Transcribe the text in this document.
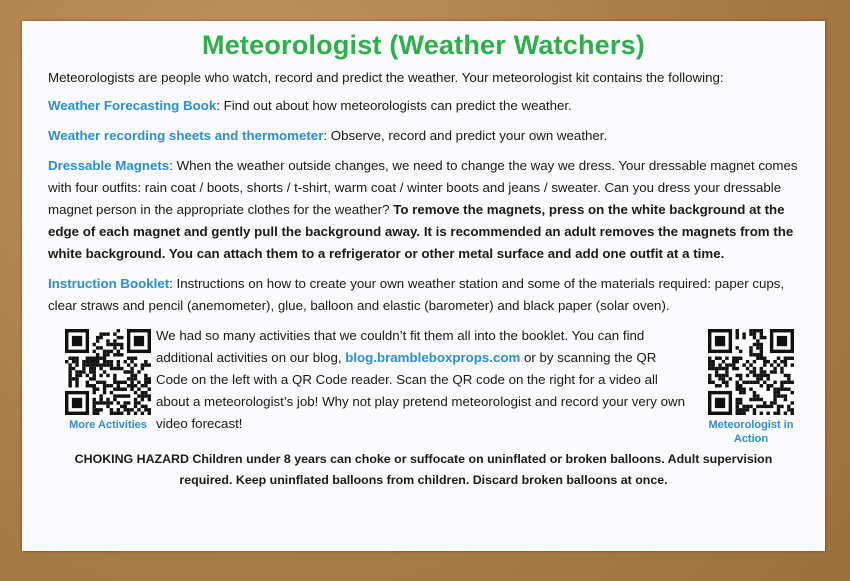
Meteorologist (Weather Watchers)

Meteorologists are people who watch, record and predict the weather. Your meteorologist kit contains the following:

Weather Forecasting Book: Find out about how meteorologists can predict the weather.

Weather recording sheets and thermometer: Observe, record and predict your own weather.

Dressable Magnets: When the weather outside changes, we need to change the way we dress. Your dressable magnet comes with four outfits: rain coat / boots, shorts / t-shirt, warm coat / winter boots and jeans / sweater. Can you dress your dressable magnet person in the appropriate clothes for the weather? To remove the magnets, press on the white background at the edge of each magnet and gently pull the background away. It is recommended an adult removes the magnets from the white background. You can attach them to a refrigerator or other metal surface and add one outfit at a time.

Instruction Booklet: Instructions on how to create your own weather station and some of the materials required: paper cups, clear straws and pencil (anemometer), glue, balloon and elastic (barometer) and black paper (solar oven).

More Activities
We had so many activities that we couldn’t fit them all into the booklet. You can find additional activities on our blog, blog.brambleboxprops.com or by scanning the QR Code on the left with a QR Code reader. Scan the QR code on the right for a video all about a meteorologist’s job! Why not play pretend meteorologist and record your very own video forecast!	Meteorologist in Action
CHOKING HAZARD Children under 8 years can choke or suffocate on uninflated or broken balloons. Adult supervision required. Keep uninflated balloons from children. Discard broken balloons at once.
